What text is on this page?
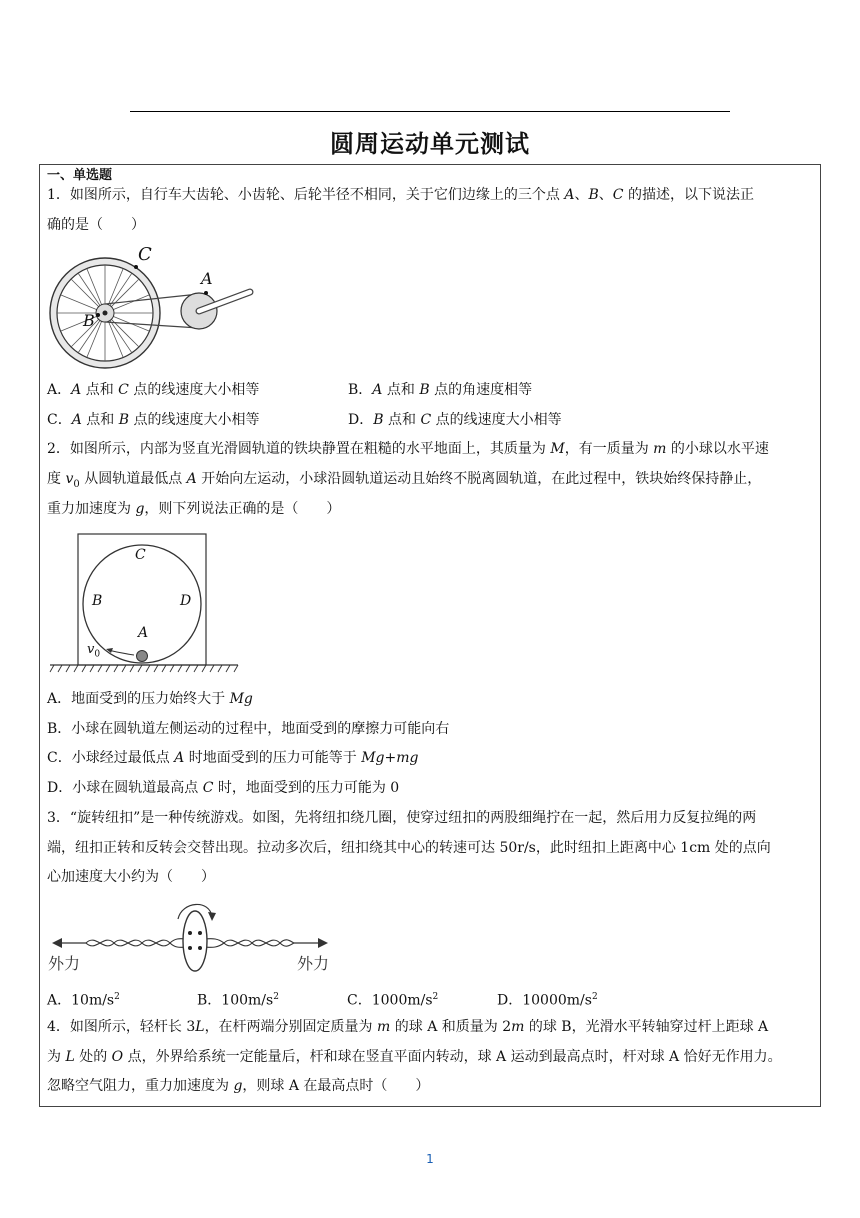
圆周运动单元测试
一、单选题
1．如图所示，自行车大齿轮、小齿轮、后轮半径不相同，关于它们边缘上的三个点 A、B、C 的描述，以下说法正
确的是（　　）
C
A
B
A．A 点和 C 点的线速度大小相等	B．A 点和 B 点的角速度相等
C．A 点和 B 点的线速度大小相等	D．B 点和 C 点的线速度大小相等
2．如图所示，内部为竖直光滑圆轨道的铁块静置在粗糙的水平地面上，其质量为 M，有一质量为 m 的小球以水平速
度 $v_0$ 从圆轨道最低点 A 开始向左运动，小球沿圆轨道运动且始终不脱离圆轨道，在此过程中，铁块始终保持静止，
重力加速度为 g，则下列说法正确的是（　　）
C
B	D
A
$v_0$
A．地面受到的压力始终大于 Mg
B．小球在圆轨道左侧运动的过程中，地面受到的摩擦力可能向右
C．小球经过最低点 A 时地面受到的压力可能等于 Mg+mg
D．小球在圆轨道最高点 C 时，地面受到的压力可能为 0
3．“旋转纽扣”是一种传统游戏。如图，先将纽扣绕几圈，使穿过纽扣的两股细绳拧在一起，然后用力反复拉绳的两
端，纽扣正转和反转会交替出现。拉动多次后，纽扣绕其中心的转速可达 50r/s，此时纽扣上距离中心 1cm 处的点向
心加速度大小约为（　　）
外力	外力
A．$10m/s^2$	B．$100m/s^2$	C．$1000m/s^2$	D．$10000m/s^2$
4．如图所示，轻杆长 3L，在杆两端分别固定质量为 m 的球 A 和质量为 2m 的球 B，光滑水平转轴穿过杆上距球 A
为 L 处的 O 点，外界给系统一定能量后，杆和球在竖直平面内转动，球 A 运动到最高点时，杆对球 A 恰好无作用力。
忽略空气阻力，重力加速度为 g，则球 A 在最高点时（　　）
1
